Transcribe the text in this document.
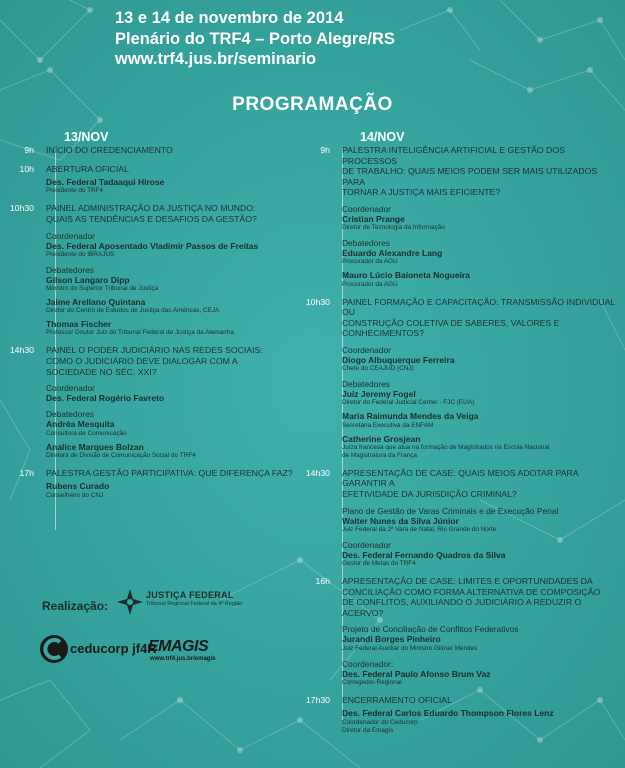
13 e 14 de novembro de 2014
Plenário do TRF4 – Porto Alegre/RS
www.trf4.jus.br/seminario
PROGRAMAÇÃO
13/NOV
9h INÍCIO DO CREDENCIAMENTO
10h ABERTURA OFICIAL
Des. Federal Tadaaqui Hirose
Presidente do TRF4
10h30 PAINEL ADMINISTRAÇÃO DA JUSTIÇA NO MUNDO:
QUAIS AS TENDÊNCIAS E DESAFIOS DA GESTÃO?
Coordenador
Des. Federal Aposentado Vladimir Passos de Freitas
Presidente do IBRAJUS
Debatedores
Gilson Langaro Dipp
Ministro do Superior Tribunal de Justiça
Jaime Arellano Quintana
Diretor do Centro de Estudos de Justiça das Américas, CEJA
Thomas Fischer
Professor Doutor Juiz do Tribunal Federal de Justiça da Alemanha
14h30 PAINEL O PODER JUDICIÁRIO NAS REDES SOCIAIS:
COMO O JUDICIÁRIO DEVE DIALOGAR COM A
SOCIEDADE NO SÉC. XXI?
Coordenador
Des. Federal Rogério Favreto
Debatedores
Andréa Mesquita
Consultora de Comunicação
Analice Marques Bolzan
Diretora de Divisão de Comunicação Social do TRF4
17h PALESTRA GESTÃO PARTICIPATIVA: QUE DIFERENÇA FAZ?
Rubens Curado
Conselheiro do CNJ
14/NOV
9h PALESTRA INTELIGÊNCIA ARTIFICIAL E GESTÃO DOS PROCESSOS
DE TRABALHO: QUAIS MEIOS PODEM SER MAIS UTILIZADOS PARA
TORNAR A JUSTIÇA MAIS EFICIENTE?
Coordenador
Cristian Prange
Diretor de Tecnologia da Informação
Debatedores
Eduardo Alexandre Lang
Procurador da AGU
Mauro Lúcio Baioneta Nogueira
Procurador da AGU
10h30 PAINEL FORMAÇÃO E CAPACITAÇÃO: TRANSMISSÃO INDIVIDUAL OU
CONSTRUÇÃO COLETIVA DE SABERES, VALORES E CONHECIMENTOS?
Coordenador
Diogo Albuquerque Ferreira
Chefe do CEAJUD (CNJ)
Debatedores
Juiz Jeremy Fogel
Diretor do Federal Judicial Center - FJC (EUA)
Maria Raimunda Mendes da Veiga
Secretária Executiva da ENFAM
Catherine Grosjean
Juíza francesa que atua na formação de Magistrados na Escola Nacional
de Magistratura da França
14h30 APRESENTAÇÃO DE CASE: QUAIS MEIOS ADOTAR PARA GARANTIR A
EFETIVIDADE DA JURISDIÇÃO CRIMINAL?
Plano de Gestão de Varas Criminais e de Execução Penal
Walter Nunes da Silva Júnior
Juiz Federal da 2ª Vara de Natal, Rio Grande do Norte
Coordenador
Des. Federal Fernando Quadros da Silva
Gestor de Metas do TRF4
16h APRESENTAÇÃO DE CASE: LIMITES E OPORTUNIDADES DA
CONCILIAÇÃO COMO FORMA ALTERNATIVA DE COMPOSIÇÃO
DE CONFLITOS, AUXILIANDO O JUDICIÁRIO A REDUZIR O ACERVO?
Projeto de Conciliação de Conflitos Federativos
Jurandi Borges Pinheiro
Juiz Federal Auxiliar do Ministro Gilmar Mendes
Coordenador:
Des. Federal Paulo Afonso Brum Vaz
Corregedor-Regional
17h30 ENCERRAMENTO OFICIAL
Des. Federal Carlos Eduardo Thompson Flores Lenz
Coordenador do Ceducorp
Diretor da Emagis
Realização:
JUSTIÇA FEDERAL
Tribunal Regional Federal da 4ª Região
ceducorp jf4R
EMAGIS
www.trf4.jus.br/emagis
